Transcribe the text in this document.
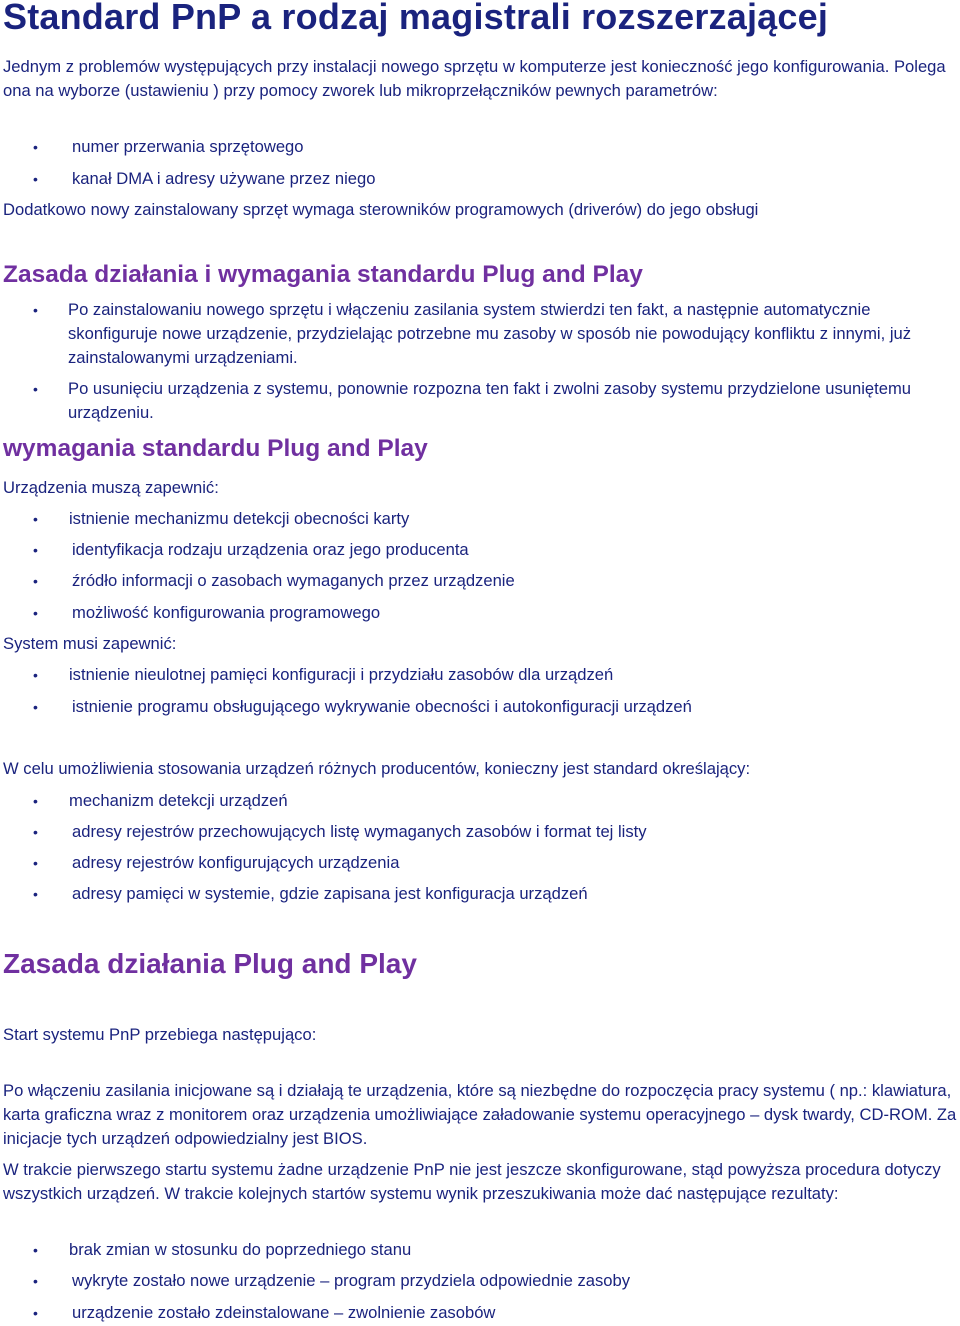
Standard PnP a rodzaj magistrali rozszerzającej
Jednym z problemów występujących przy instalacji nowego sprzętu w komputerze jest konieczność jego konfigurowania. Polega ona na wyborze (ustawieniu ) przy pomocy zworek lub mikroprzełączników pewnych parametrów:
•	numer przerwania sprzętowego
•	kanał DMA i adresy używane przez niego
Dodatkowo nowy zainstalowany sprzęt wymaga sterowników programowych (driverów) do jego obsługi
Zasada działania i wymagania standardu Plug and Play
•	Po zainstalowaniu nowego sprzętu i włączeniu zasilania system stwierdzi ten fakt, a następnie automatycznie skonfiguruje nowe urządzenie, przydzielając potrzebne mu zasoby w sposób nie powodujący konfliktu z innymi, już zainstalowanymi urządzeniami.
•	Po usunięciu urządzenia z systemu, ponownie rozpozna ten fakt i zwolni zasoby systemu przydzielone usuniętemu urządzeniu.
wymagania standardu Plug and Play
Urządzenia muszą zapewnić:
•	istnienie mechanizmu detekcji obecności karty
•	identyfikacja rodzaju urządzenia oraz jego producenta
•	źródło informacji o zasobach wymaganych przez urządzenie
•	możliwość konfigurowania programowego
System musi zapewnić:
•	istnienie nieulotnej pamięci konfiguracji i przydziału zasobów dla urządzeń
•	istnienie programu obsługującego wykrywanie obecności i autokonfiguracji urządzeń
W celu umożliwienia stosowania urządzeń różnych producentów, konieczny jest standard określający:
•	mechanizm detekcji urządzeń
•	adresy rejestrów przechowujących listę wymaganych zasobów i format tej listy
•	adresy rejestrów konfigurujących urządzenia
•	adresy pamięci w systemie, gdzie zapisana jest konfiguracja urządzeń
Zasada działania Plug and Play
Start systemu PnP przebiega następująco:
Po włączeniu zasilania inicjowane są i działają te urządzenia, które są niezbędne do rozpoczęcia pracy systemu ( np.: klawiatura, karta graficzna wraz z monitorem oraz urządzenia umożliwiające załadowanie systemu operacyjnego – dysk twardy, CD-ROM. Za inicjacje tych urządzeń odpowiedzialny jest BIOS.
W trakcie pierwszego startu systemu żadne urządzenie PnP nie jest jeszcze skonfigurowane, stąd powyższa procedura dotyczy wszystkich urządzeń. W trakcie kolejnych startów systemu wynik przeszukiwania może dać następujące rezultaty:
•	brak zmian w stosunku do poprzedniego stanu
•	wykryte zostało nowe urządzenie – program przydziela odpowiednie zasoby
•	urządzenie zostało zdeinstalowane – zwolnienie zasobów
